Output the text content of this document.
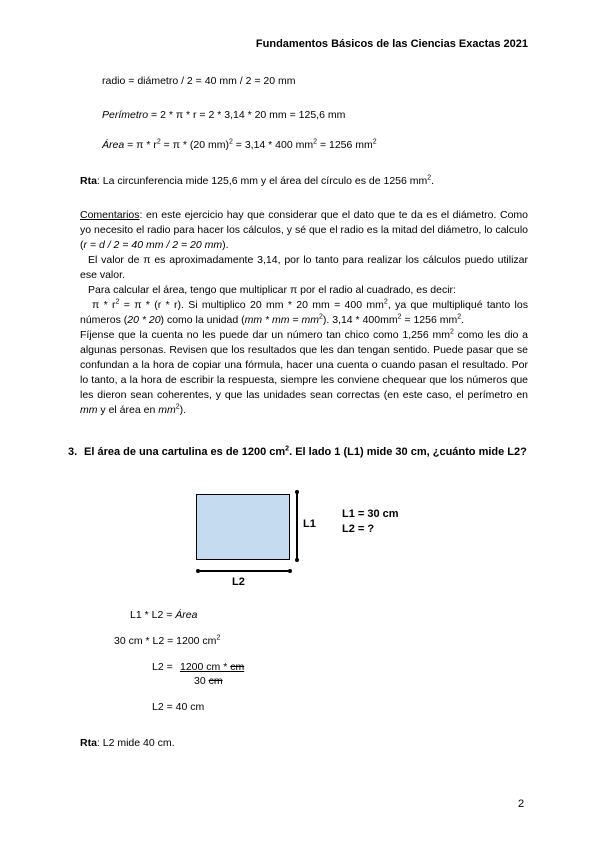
Fundamentos Básicos de las Ciencias Exactas 2021
radio = diámetro / 2 = 40 mm / 2 = 20 mm
Perímetro = 2 * π * r = 2 * 3,14 * 20 mm = 125,6 mm
Área = $\pi * r^2 = \pi * (20$ mm)$^2$ = 3,14 * 400 $mm^2 = 1256$ $mm^2$
Rta: La circunferencia mide 125,6 mm y el área del círculo es de 1256 $mm^2$.

Comentarios: en este ejercicio hay que considerar que el dato que te da es el diámetro. Como yo necesito el radio para hacer los cálculos, y sé que el radio es la mitad del diámetro, lo calculo (r = d / 2 = 40 mm / 2 = 20 mm).

El valor de π es aproximadamente 3,14, por lo tanto para realizar los cálculos puedo utilizar ese valor.

Para calcular el área, tengo que multiplicar π por el radio al cuadrado, es decir:

$\pi * r^2 = \pi * (r * r)$. Si multiplico 20 mm * 20 mm = 400 $mm^2$, ya que multipliqué tanto los números (20 * 20) como la unidad (mm * mm = $mm^2$). $3,14 * 400mm^2 = 1256$ $mm^2$.

Fíjense que la cuenta no les puede dar un número tan chico como 1,256 $mm^2$ como les dio a algunas personas. Revisen que los resultados que les dan tengan sentido. Puede pasar que se confundan a la hora de copiar una fórmula, hacer una cuenta o cuando pasan el resultado. Por lo tanto, a la hora de escribir la respuesta, siempre les conviene chequear que los números que les dieron sean coherentes, y que las unidades sean correctas (en este caso, el perímetro en mm y el área en $mm^2$).

3. El área de una cartulina es de 1200 $cm^2$. El lado 1 (L1) mide 30 cm, ¿cuánto mide L2?
L1
L2
L1 = 30 cm
L2 = ?
L1 * L2 = Área
30 cm * L2 = 1200 $cm^2$
L2 = 1200 cm * cm
30 cm
L2 = 40 cm
Rta: L2 mide 40 cm.
2
